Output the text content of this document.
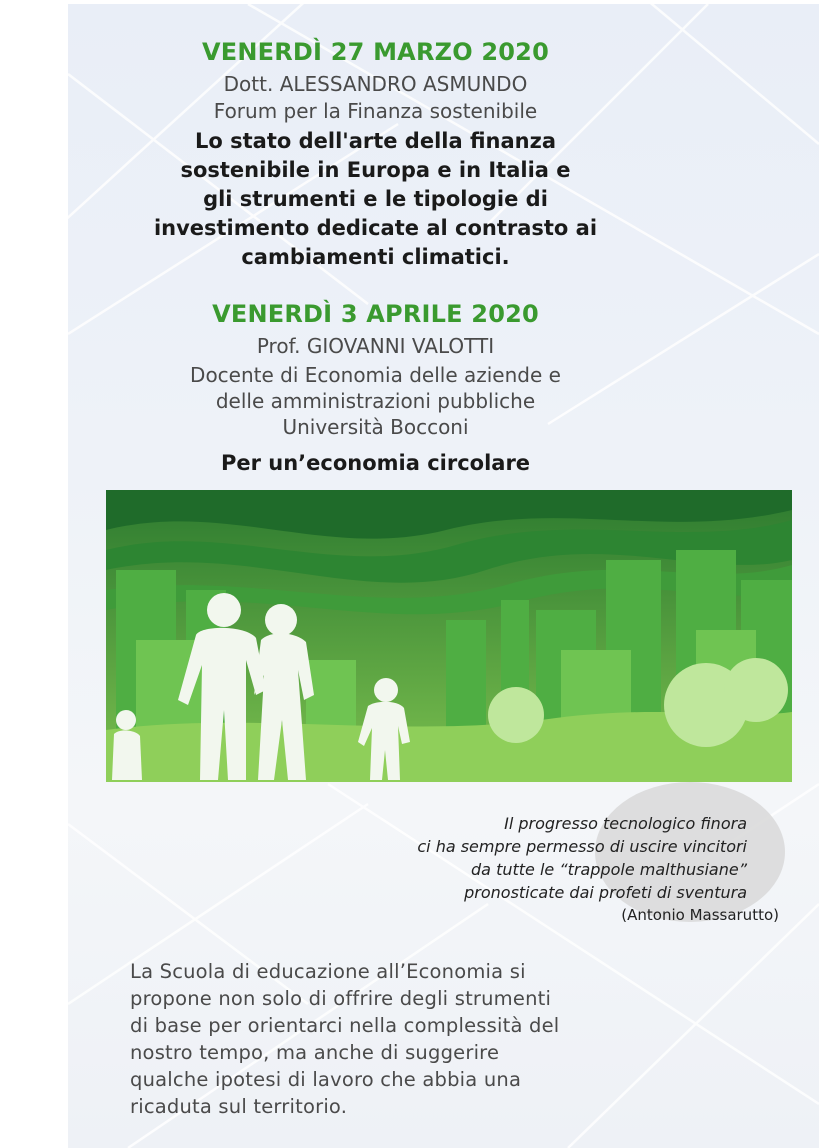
VENERDÌ 27 MARZO 2020
Dott. ALESSANDRO ASMUNDO
Forum per la Finanza sostenibile
Lo stato dell'arte della finanza
sostenibile in Europa e in Italia e
gli strumenti e le tipologie di
investimento dedicate al contrasto ai
cambiamenti climatici.
VENERDÌ 3 APRILE 2020
Prof. GIOVANNI VALOTTI
Docente di Economia delle aziende e
delle amministrazioni pubbliche
Università Bocconi
Per un’economia circolare
Il progresso tecnologico finora
ci ha sempre permesso di uscire vincitori
da tutte le “trappole malthusiane”
pronosticate dai profeti di sventura
(Antonio Massarutto)
La Scuola di educazione all’Economia si
propone non solo di offrire degli strumenti
di base per orientarci nella complessità del
nostro tempo, ma anche di suggerire
qualche ipotesi di lavoro che abbia una
ricaduta sul territorio.
